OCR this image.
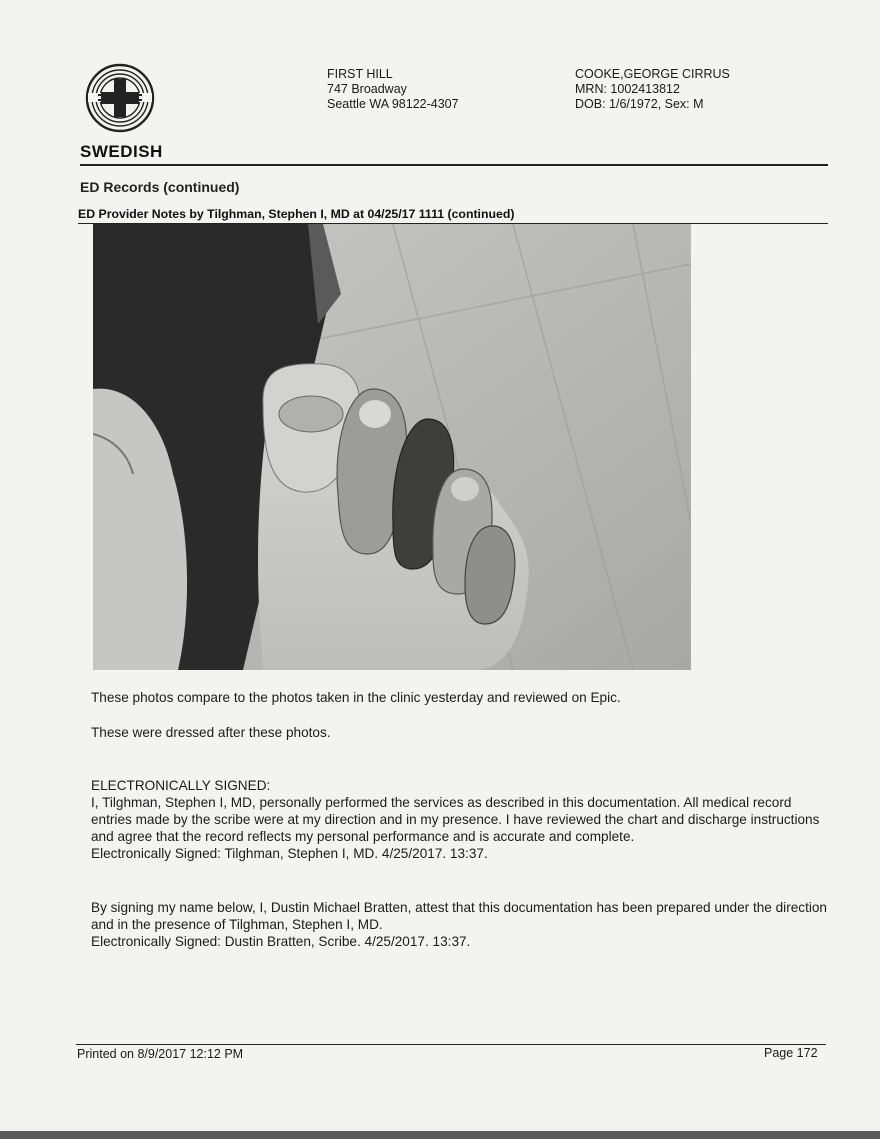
SWEDISH
FIRST HILL
747 Broadway
Seattle WA 98122-4307
COOKE,GEORGE CIRRUS
MRN: 1002413812
DOB: 1/6/1972, Sex: M
ED Records (continued)
ED Provider Notes by Tilghman, Stephen I, MD at 04/25/17 1111 (continued)
These photos compare to the photos taken in the clinic yesterday and reviewed on Epic.
These were dressed after these photos.

ELECTRONICALLY SIGNED:

I, Tilghman, Stephen I, MD, personally performed the services as described in this documentation. All medical record entries made by the scribe were at my direction and in my presence. I have reviewed the chart and discharge instructions and agree that the record reflects my personal performance and is accurate and complete.

Electronically Signed: Tilghman, Stephen I, MD. 4/25/2017. 13:37.

By signing my name below, I, Dustin Michael Bratten, attest that this documentation has been prepared under the direction and in the presence of Tilghman, Stephen I, MD.

Electronically Signed: Dustin Bratten, Scribe. 4/25/2017. 13:37.

Printed on 8/9/2017 12:12 PM	Page 172
